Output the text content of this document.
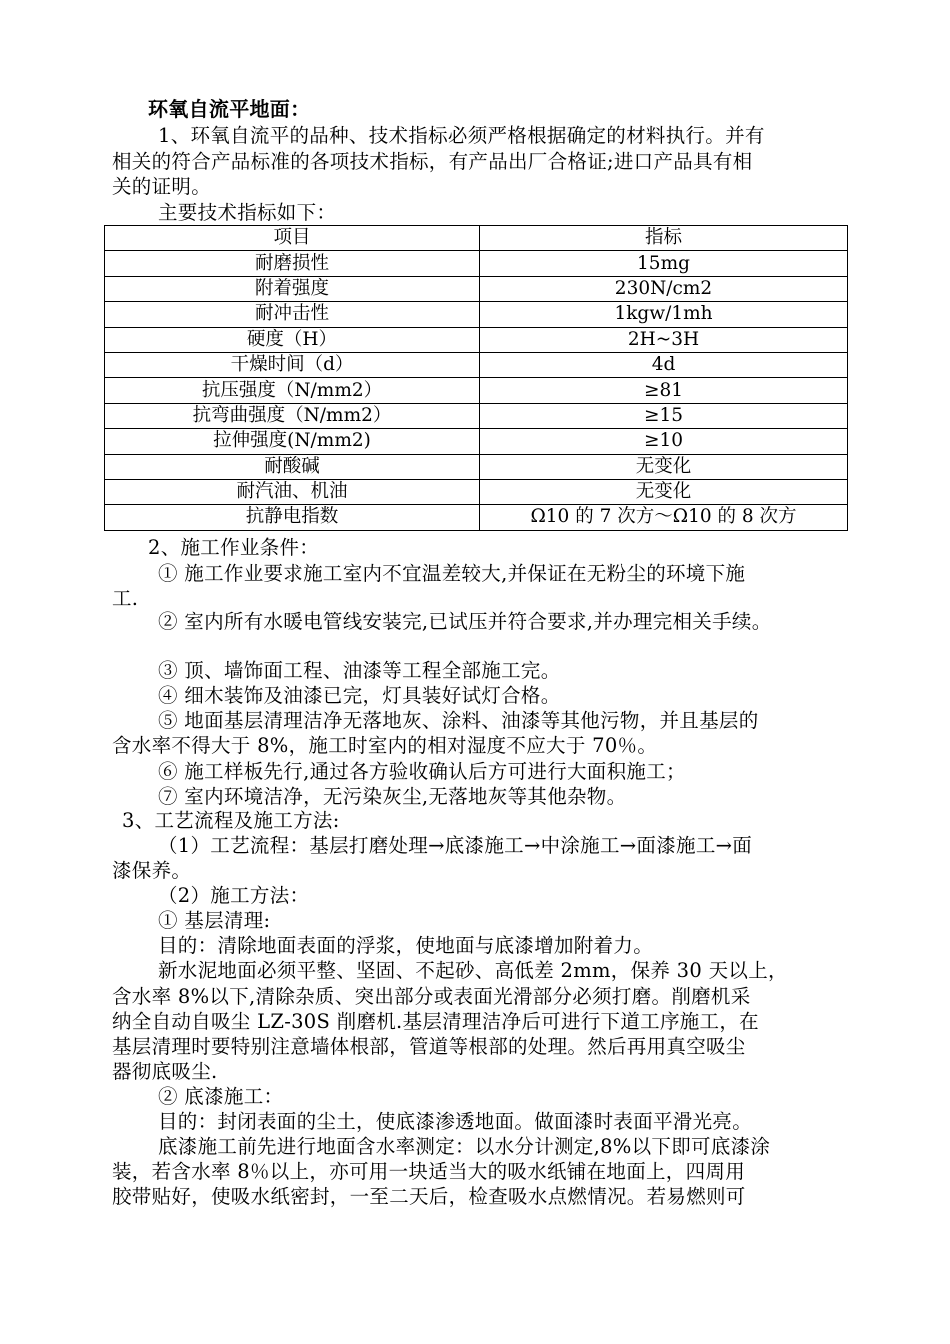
环氧自流平地面：
1、环氧自流平的品种、技术指标必须严格根据确定的材料执行。并有
相关的符合产品标准的各项技术指标，有产品出厂合格证;进口产品具有相
关的证明。
主要技术指标如下：
项目	指标
耐磨损性	15mg
附着强度	230N/cm2
耐冲击性	1kgw/1mh
硬度（H）	2H~3H
干燥时间（d）	4d
抗压强度（N/mm2）	≥81
抗弯曲强度（N/mm2）	≥15
拉伸强度(N/mm2)	≥10
耐酸碱	无变化
耐汽油、机油	无变化
抗静电指数	Ω10 的 7 次方～Ω10 的 8 次方
2、施工作业条件：
① 施工作业要求施工室内不宜温差较大,并保证在无粉尘的环境下施
工.
② 室内所有水暖电管线安装完,已试压并符合要求,并办理完相关手续。
③ 顶、墙饰面工程、油漆等工程全部施工完。
④ 细木装饰及油漆已完，灯具装好试灯合格。
⑤ 地面基层清理洁净无落地灰、涂料、油漆等其他污物，并且基层的
含水率不得大于 8%，施工时室内的相对湿度不应大于 70％。
⑥ 施工样板先行,通过各方验收确认后方可进行大面积施工；
⑦ 室内环境洁净，无污染灰尘,无落地灰等其他杂物。
3、工艺流程及施工方法:
（1）工艺流程：基层打磨处理→底漆施工→中涂施工→面漆施工→面
漆保养。
（2）施工方法：
① 基层清理:
目的：清除地面表面的浮浆，使地面与底漆增加附着力。
新水泥地面必须平整、坚固、不起砂、高低差 2mm，保养 30 天以上，
含水率 8%以下,清除杂质、突出部分或表面光滑部分必须打磨。削磨机采
纳全自动自吸尘 LZ-30S 削磨机.基层清理洁净后可进行下道工序施工，在
基层清理时要特别注意墙体根部，管道等根部的处理。然后再用真空吸尘
器彻底吸尘.
② 底漆施工：
目的：封闭表面的尘土，使底漆渗透地面。做面漆时表面平滑光亮。
底漆施工前先进行地面含水率测定：以水分计测定,8%以下即可底漆涂
装，若含水率 8％以上，亦可用一块适当大的吸水纸铺在地面上，四周用
胶带贴好，使吸水纸密封，一至二天后，检查吸水点燃情况。若易燃则可
